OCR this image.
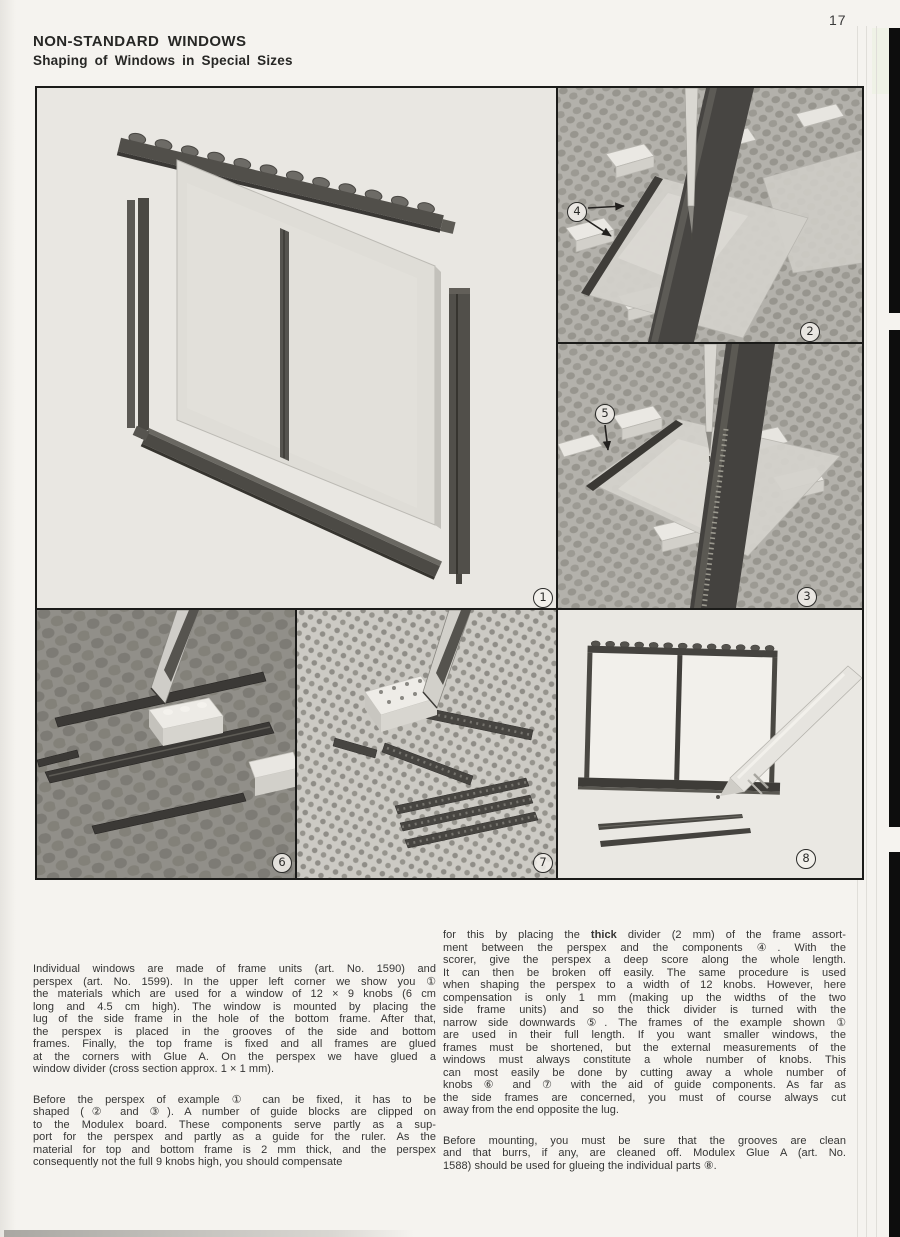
17
NON-STANDARD WINDOWS
Shaping of Windows in Special Sizes
1
2
3
6	7	8
4
5
Individual windows are made of frame units (art. No. 1590) and
perspex (art. No. 1599). In the upper left corner we show you ①
the materials which are used for a window of 12 × 9 knobs (6 cm
long and 4.5 cm high). The window is mounted by placing the
lug of the side frame in the hole of the bottom frame. After that,
the perspex is placed in the grooves of the side and bottom
frames. Finally, the top frame is fixed and all frames are glued
at the corners with Glue A. On the perspex we have glued a
window divider (cross section approx. 1 × 1 mm).
Before the perspex of example ① can be fixed, it has to be
shaped (② and ③). A number of guide blocks are clipped on
to the Modulex board. These components serve partly as a sup-
port for the perspex and partly as a guide for the ruler. As the
material for top and bottom frame is 2 mm thick, and the perspex
consequently not the full 9 knobs high, you should compensate
for this by placing the thick divider (2 mm) of the frame assort-
ment between the perspex and the components ④. With the
scorer, give the perspex a deep score along the whole length.
It can then be broken off easily. The same procedure is used
when shaping the perspex to a width of 12 knobs. However, here
compensation is only 1 mm (making up the widths of the two
side frame units) and so the thick divider is turned with the
narrow side downwards ⑤. The frames of the example shown ①
are used in their full length. If you want smaller windows, the
frames must be shortened, but the external measurements of the
windows must always constitute a whole number of knobs. This
can most easily be done by cutting away a whole number of
knobs ⑥ and ⑦ with the aid of guide components. As far as
the side frames are concerned, you must of course always cut
away from the end opposite the lug.
Before mounting, you must be sure that the grooves are clean
and that burrs, if any, are cleaned off. Modulex Glue A (art. No.
1588) should be used for glueing the individual parts ⑧.
